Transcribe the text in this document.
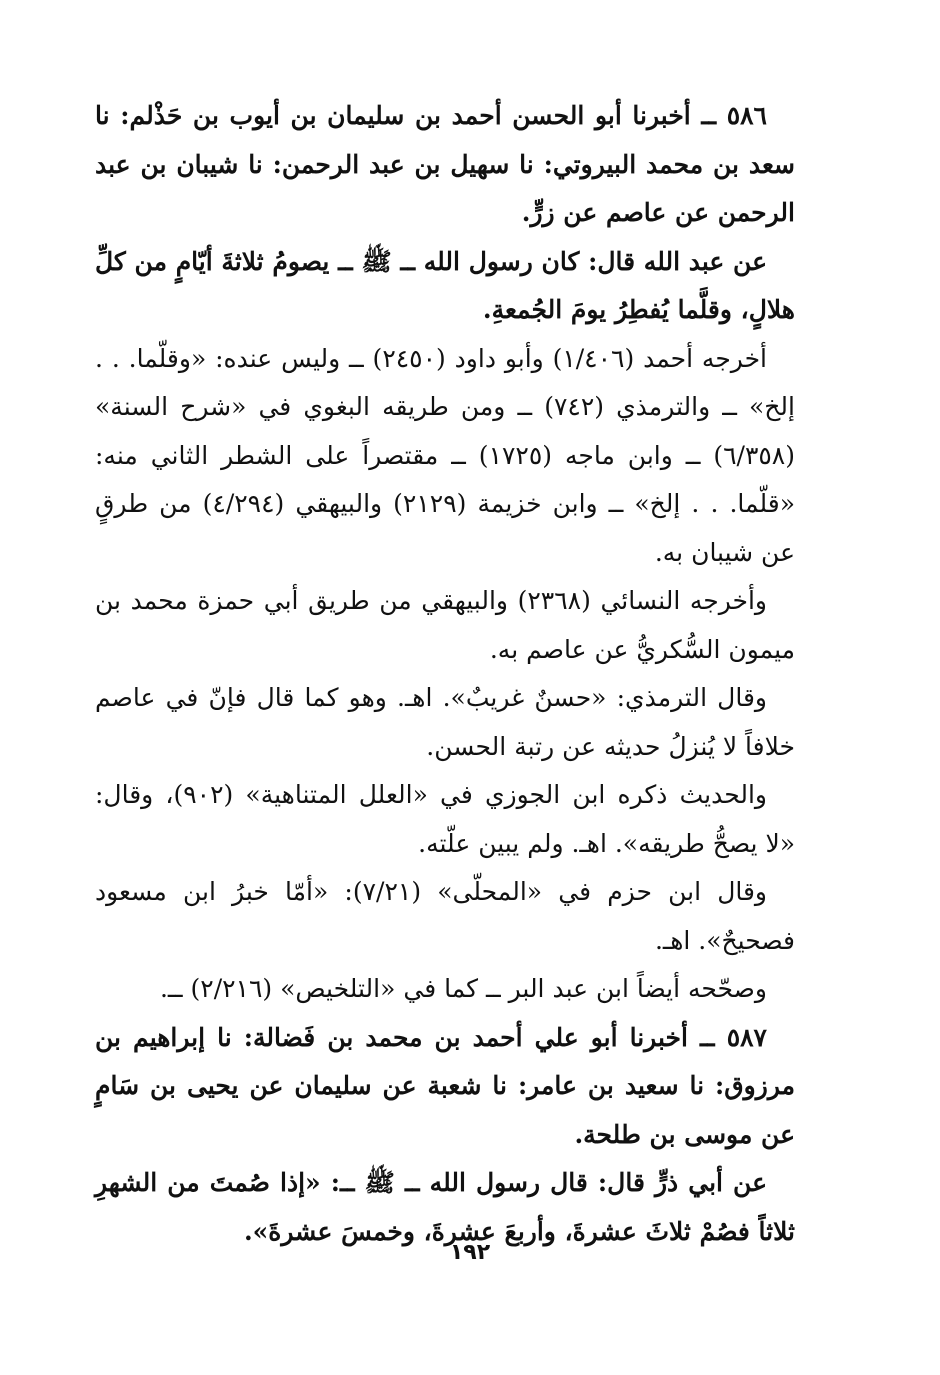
٥٨٦ ــ أخبرنا أبو الحسن أحمد بن سليمان بن أيوب بن حَذْلم: نا سعد بن محمد البيروتي: نا سهيل بن عبد الرحمن: نا شيبان بن عبد الرحمن عن عاصم عن زرٍّ.

عن عبد الله قال: كان رسول الله ــ ﷺ ــ يصومُ ثلاثةَ أيّامٍ من كلِّ هلالٍ، وقلَّما يُفطِرُ يومَ الجُمعةِ.

أخرجه أحمد (١/٤٠٦) وأبو داود (٢٤٥٠) ــ وليس عنده: «وقلّما. . . إلخ» ــ والترمذي (٧٤٢) ــ ومن طريقه البغوي في «شرح السنة» (٦/٣٥٨) ــ وابن ماجه (١٧٢٥) ــ مقتصراً على الشطر الثاني منه: «قلّما. . . إلخ» ــ وابن خزيمة (٢١٢٩) والبيهقي (٤/٢٩٤) من طرقٍ عن شيبان به.

وأخرجه النسائي (٢٣٦٨) والبيهقي من طريق أبي حمزة محمد بن ميمون السُّكريُّ عن عاصم به.

وقال الترمذي: «حسنٌ غريبٌ». اهـ. وهو كما قال فإنّ في عاصم خلافاً لا يُنزلُ حديثه عن رتبة الحسن.

والحديث ذكره ابن الجوزي في «العلل المتناهية» (٩٠٢)، وقال: «لا يصحُّ طريقه». اهـ. ولم يبين علّته.

وقال ابن حزم في «المحلّى» (٧/٢١): «أمّا خبرُ ابن مسعود فصحيحٌ». اهـ.

وصحّحه أيضاً ابن عبد البر ــ كما في «التلخيص» (٢/٢١٦) ــ.

٥٨٧ ــ أخبرنا أبو علي أحمد بن محمد بن فَضالة: نا إبراهيم بن مرزوق: نا سعيد بن عامر: نا شعبة عن سليمان عن يحيى بن سَامٍ عن موسى بن طلحة.

عن أبي ذرٍّ قال: قال رسول الله ــ ﷺ ــ: «إذا صُمتَ من الشهرِ ثلاثاً فصُمْ ثلاثَ عشرةَ، وأربعَ عشرةَ، وخمسَ عشرةَ».

١٩٢
